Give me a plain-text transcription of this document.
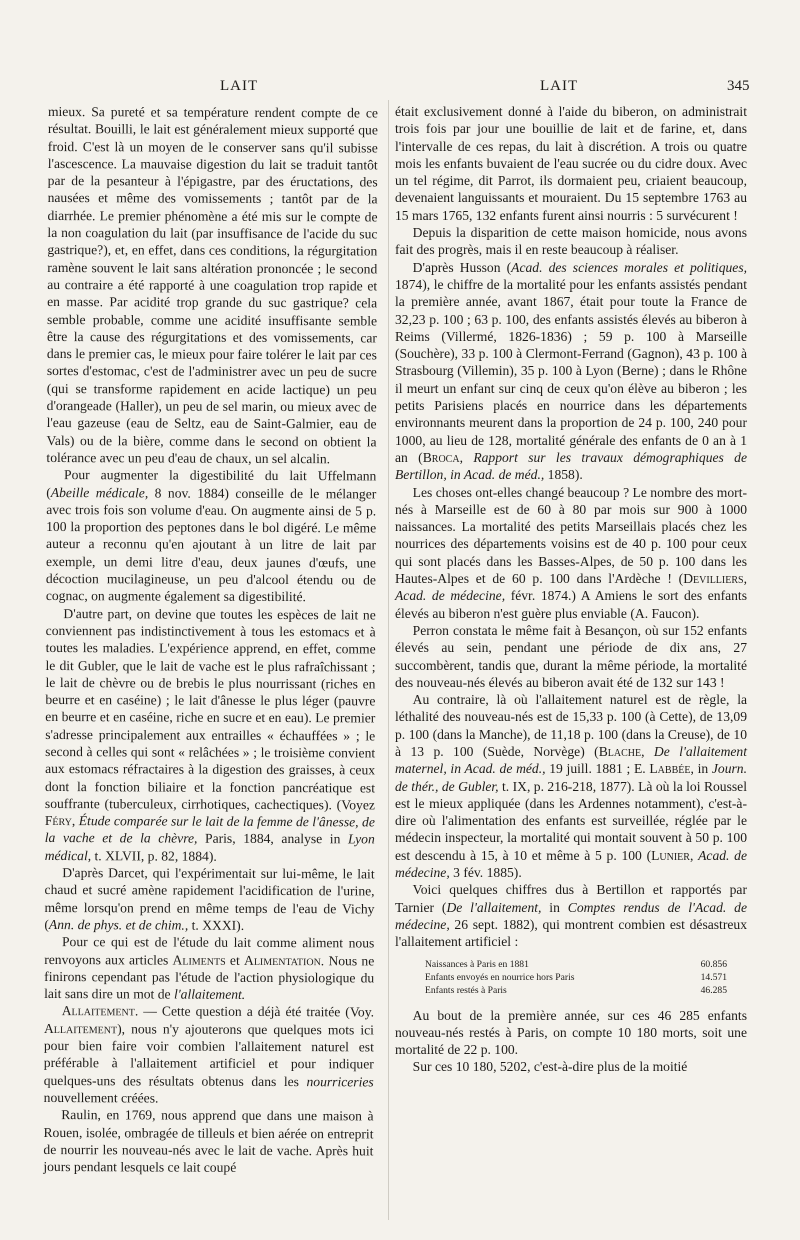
LAIT	LAIT	345

mieux. Sa pureté et sa température rendent compte de ce résultat. Bouilli, le lait est généralement mieux supporté que froid. C'est là un moyen de le conserver sans qu'il subisse l'ascescence. La mauvaise digestion du lait se traduit tantôt par de la pesanteur à l'épigastre, par des éructations, des nausées et même des vomissements ; tantôt par de la diarrhée. Le premier phénomène a été mis sur le compte de la non coagulation du lait (par insuffisance de l'acide du suc gastrique?), et, en effet, dans ces conditions, la régurgitation ramène souvent le lait sans altération prononcée ; le second au contraire a été rapporté à une coagulation trop rapide et en masse. Par acidité trop grande du suc gastrique? cela semble probable, comme une acidité insuffisante semble être la cause des régurgitations et des vomissements, car dans le premier cas, le mieux pour faire tolérer le lait par ces sortes d'estomac, c'est de l'administrer avec un peu de sucre (qui se transforme rapidement en acide lactique) un peu d'orangeade (Haller), un peu de sel marin, ou mieux avec de l'eau gazeuse (eau de Seltz, eau de Saint-Galmier, eau de Vals) ou de la bière, comme dans le second on obtient la tolérance avec un peu d'eau de chaux, un sel alcalin.

Pour augmenter la digestibilité du lait Uffelmann (Abeille médicale, 8 nov. 1884) conseille de le mélanger avec trois fois son volume d'eau. On augmente ainsi de 5 p. 100 la proportion des peptones dans le bol digéré. Le même auteur a reconnu qu'en ajoutant à un litre de lait par exemple, un demi litre d'eau, deux jaunes d'œufs, une décoction mucilagineuse, un peu d'alcool étendu ou de cognac, on augmente également sa digestibilité.

D'autre part, on devine que toutes les espèces de lait ne conviennent pas indistinctivement à tous les estomacs et à toutes les maladies. L'expérience apprend, en effet, comme le dit Gubler, que le lait de vache est le plus rafraîchissant ; le lait de chèvre ou de brebis le plus nourrissant (riches en beurre et en caséine) ; le lait d'ânesse le plus léger (pauvre en beurre et en caséine, riche en sucre et en eau). Le premier s'adresse principalement aux entrailles « échauffées » ; le second à celles qui sont « relâchées » ; le troisième convient aux estomacs réfractaires à la digestion des graisses, à ceux dont la fonction biliaire et la fonction pancréatique est souffrante (tuberculeux, cirrhotiques, cachectiques). (Voyez Féry, Étude comparée sur le lait de la femme de l'ânesse, de la vache et de la chèvre, Paris, 1884, analyse in Lyon médical, t. XLVII, p. 82, 1884).

D'après Darcet, qui l'expérimentait sur lui-même, le lait chaud et sucré amène rapidement l'acidification de l'urine, même lorsqu'on prend en même temps de l'eau de Vichy (Ann. de phys. et de chim., t. XXXI).

Pour ce qui est de l'étude du lait comme aliment nous renvoyons aux articles Aliments et Alimentation. Nous ne finirons cependant pas l'étude de l'action physiologique du lait sans dire un mot de l'allaitement.

Allaitement. — Cette question a déjà été traitée (Voy. Allaitement), nous n'y ajouterons que quelques mots ici pour bien faire voir combien l'allaitement naturel est préférable à l'allaitement artificiel et pour indiquer quelques-uns des résultats obtenus dans les nourriceries nouvellement créées.

Raulin, en 1769, nous apprend que dans une maison à Rouen, isolée, ombragée de tilleuls et bien aérée on entreprit de nourrir les nouveau-nés avec le lait de vache. Après huit jours pendant lesquels ce lait coupé

était exclusivement donné à l'aide du biberon, on administrait trois fois par jour une bouillie de lait et de farine, et, dans l'intervalle de ces repas, du lait à discrétion. A trois ou quatre mois les enfants buvaient de l'eau sucrée ou du cidre doux. Avec un tel régime, dit Parrot, ils dormaient peu, criaient beaucoup, devenaient languissants et mouraient. Du 15 septembre 1763 au 15 mars 1765, 132 enfants furent ainsi nourris : 5 survécurent !

Depuis la disparition de cette maison homicide, nous avons fait des progrès, mais il en reste beaucoup à réaliser.

D'après Husson (Acad. des sciences morales et politiques, 1874), le chiffre de la mortalité pour les enfants assistés pendant la première année, avant 1867, était pour toute la France de 32,23 p. 100 ; 63 p. 100, des enfants assistés élevés au biberon à Reims (Villermé, 1826-1836) ; 59 p. 100 à Marseille (Souchère), 33 p. 100 à Clermont-Ferrand (Gagnon), 43 p. 100 à Strasbourg (Villemin), 35 p. 100 à Lyon (Berne) ; dans le Rhône il meurt un enfant sur cinq de ceux qu'on élève au biberon ; les petits Parisiens placés en nourrice dans les départements environnants meurent dans la proportion de 24 p. 100, 240 pour 1000, au lieu de 128, mortalité générale des enfants de 0 an à 1 an (Broca, Rapport sur les travaux démographiques de Bertillon, in Acad. de méd., 1858).

Les choses ont-elles changé beaucoup ? Le nombre des mort-nés à Marseille est de 60 à 80 par mois sur 900 à 1000 naissances. La mortalité des petits Marseillais placés chez les nourrices des départements voisins est de 40 p. 100 pour ceux qui sont placés dans les Basses-Alpes, de 50 p. 100 dans les Hautes-Alpes et de 60 p. 100 dans l'Ardèche ! (Devilliers, Acad. de médecine, févr. 1874.) A Amiens le sort des enfants élevés au biberon n'est guère plus enviable (A. Faucon).

Perron constata le même fait à Besançon, où sur 152 enfants élevés au sein, pendant une période de dix ans, 27 succombèrent, tandis que, durant la même période, la mortalité des nouveau-nés élevés au biberon avait été de 132 sur 143 !

Au contraire, là où l'allaitement naturel est de règle, la léthalité des nouveau-nés est de 15,33 p. 100 (à Cette), de 13,09 p. 100 (dans la Manche), de 11,18 p. 100 (dans la Creuse), de 10 à 13 p. 100 (Suède, Norvège) (Blache, De l'allaitement maternel, in Acad. de méd., 19 juill. 1881 ; E. Labbée, in Journ. de thér., de Gubler, t. IX, p. 216-218, 1877). Là où la loi Roussel est le mieux appliquée (dans les Ardennes notamment), c'est-à-dire où l'alimentation des enfants est surveillée, réglée par le médecin inspecteur, la mortalité qui montait souvent à 50 p. 100 est descendu à 15, à 10 et même à 5 p. 100 (Lunier, Acad. de médecine, 3 fév. 1885).

Voici quelques chiffres dus à Bertillon et rapportés par Tarnier (De l'allaitement, in Comptes rendus de l'Acad. de médecine, 26 sept. 1882), qui montrent combien est désastreux l'allaitement artificiel :

Naissances à Paris en 1881	60.856
Enfants envoyés en nourrice hors Paris	14.571
Enfants restés à Paris	46.285

Au bout de la première année, sur ces 46 285 enfants nouveau-nés restés à Paris, on compte 10 180 morts, soit une mortalité de 22 p. 100.

Sur ces 10 180, 5202, c'est-à-dire plus de la moitié
